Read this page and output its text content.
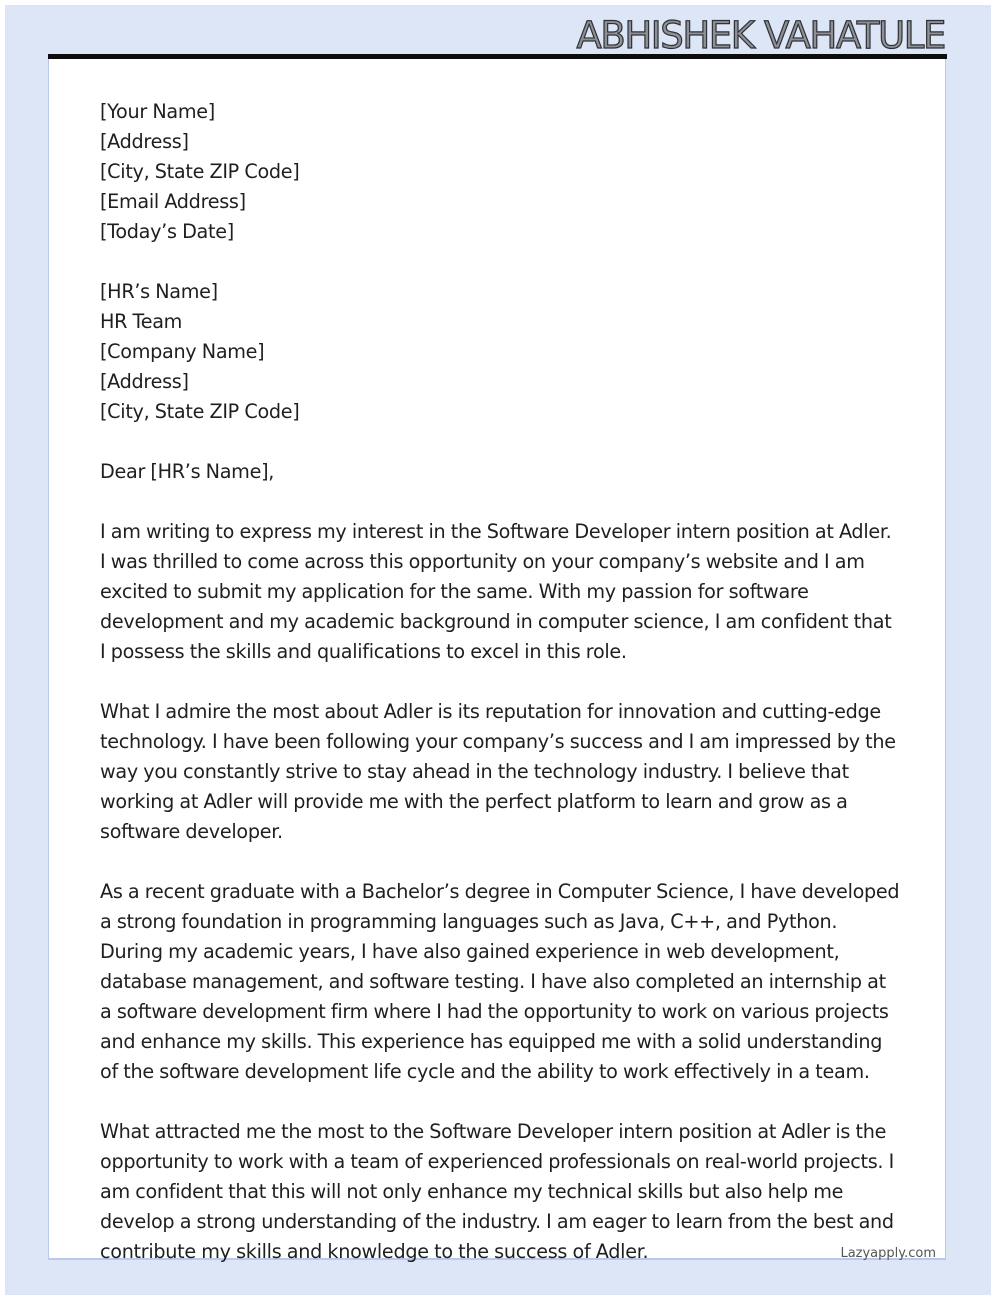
ABHISHEK VAHATULE
[Your Name]
[Address]
[City, State ZIP Code]
[Email Address]
[Today’s Date]
[HR’s Name]
HR Team
[Company Name]
[Address]
[City, State ZIP Code]

Dear [HR’s Name],

I am writing to express my interest in the Software Developer intern position at Adler. I was thrilled to come across this opportunity on your company’s website and I am excited to submit my application for the same. With my passion for software development and my academic background in computer science, I am confident that I possess the skills and qualifications to excel in this role.

What I admire the most about Adler is its reputation for innovation and cutting-edge technology. I have been following your company’s success and I am impressed by the way you constantly strive to stay ahead in the technology industry. I believe that working at Adler will provide me with the perfect platform to learn and grow as a software developer.

As a recent graduate with a Bachelor’s degree in Computer Science, I have developed a strong foundation in programming languages such as Java, C++, and Python. During my academic years, I have also gained experience in web development, database management, and software testing. I have also completed an internship at a software development firm where I had the opportunity to work on various projects and enhance my skills. This experience has equipped me with a solid understanding of the software development life cycle and the ability to work effectively in a team.

What attracted me the most to the Software Developer intern position at Adler is the opportunity to work with a team of experienced professionals on real-world projects. I am confident that this will not only enhance my technical skills but also help me develop a strong understanding of the industry. I am eager to learn from the best and contribute my skills and knowledge to the success of Adler.	Lazyapply.com
